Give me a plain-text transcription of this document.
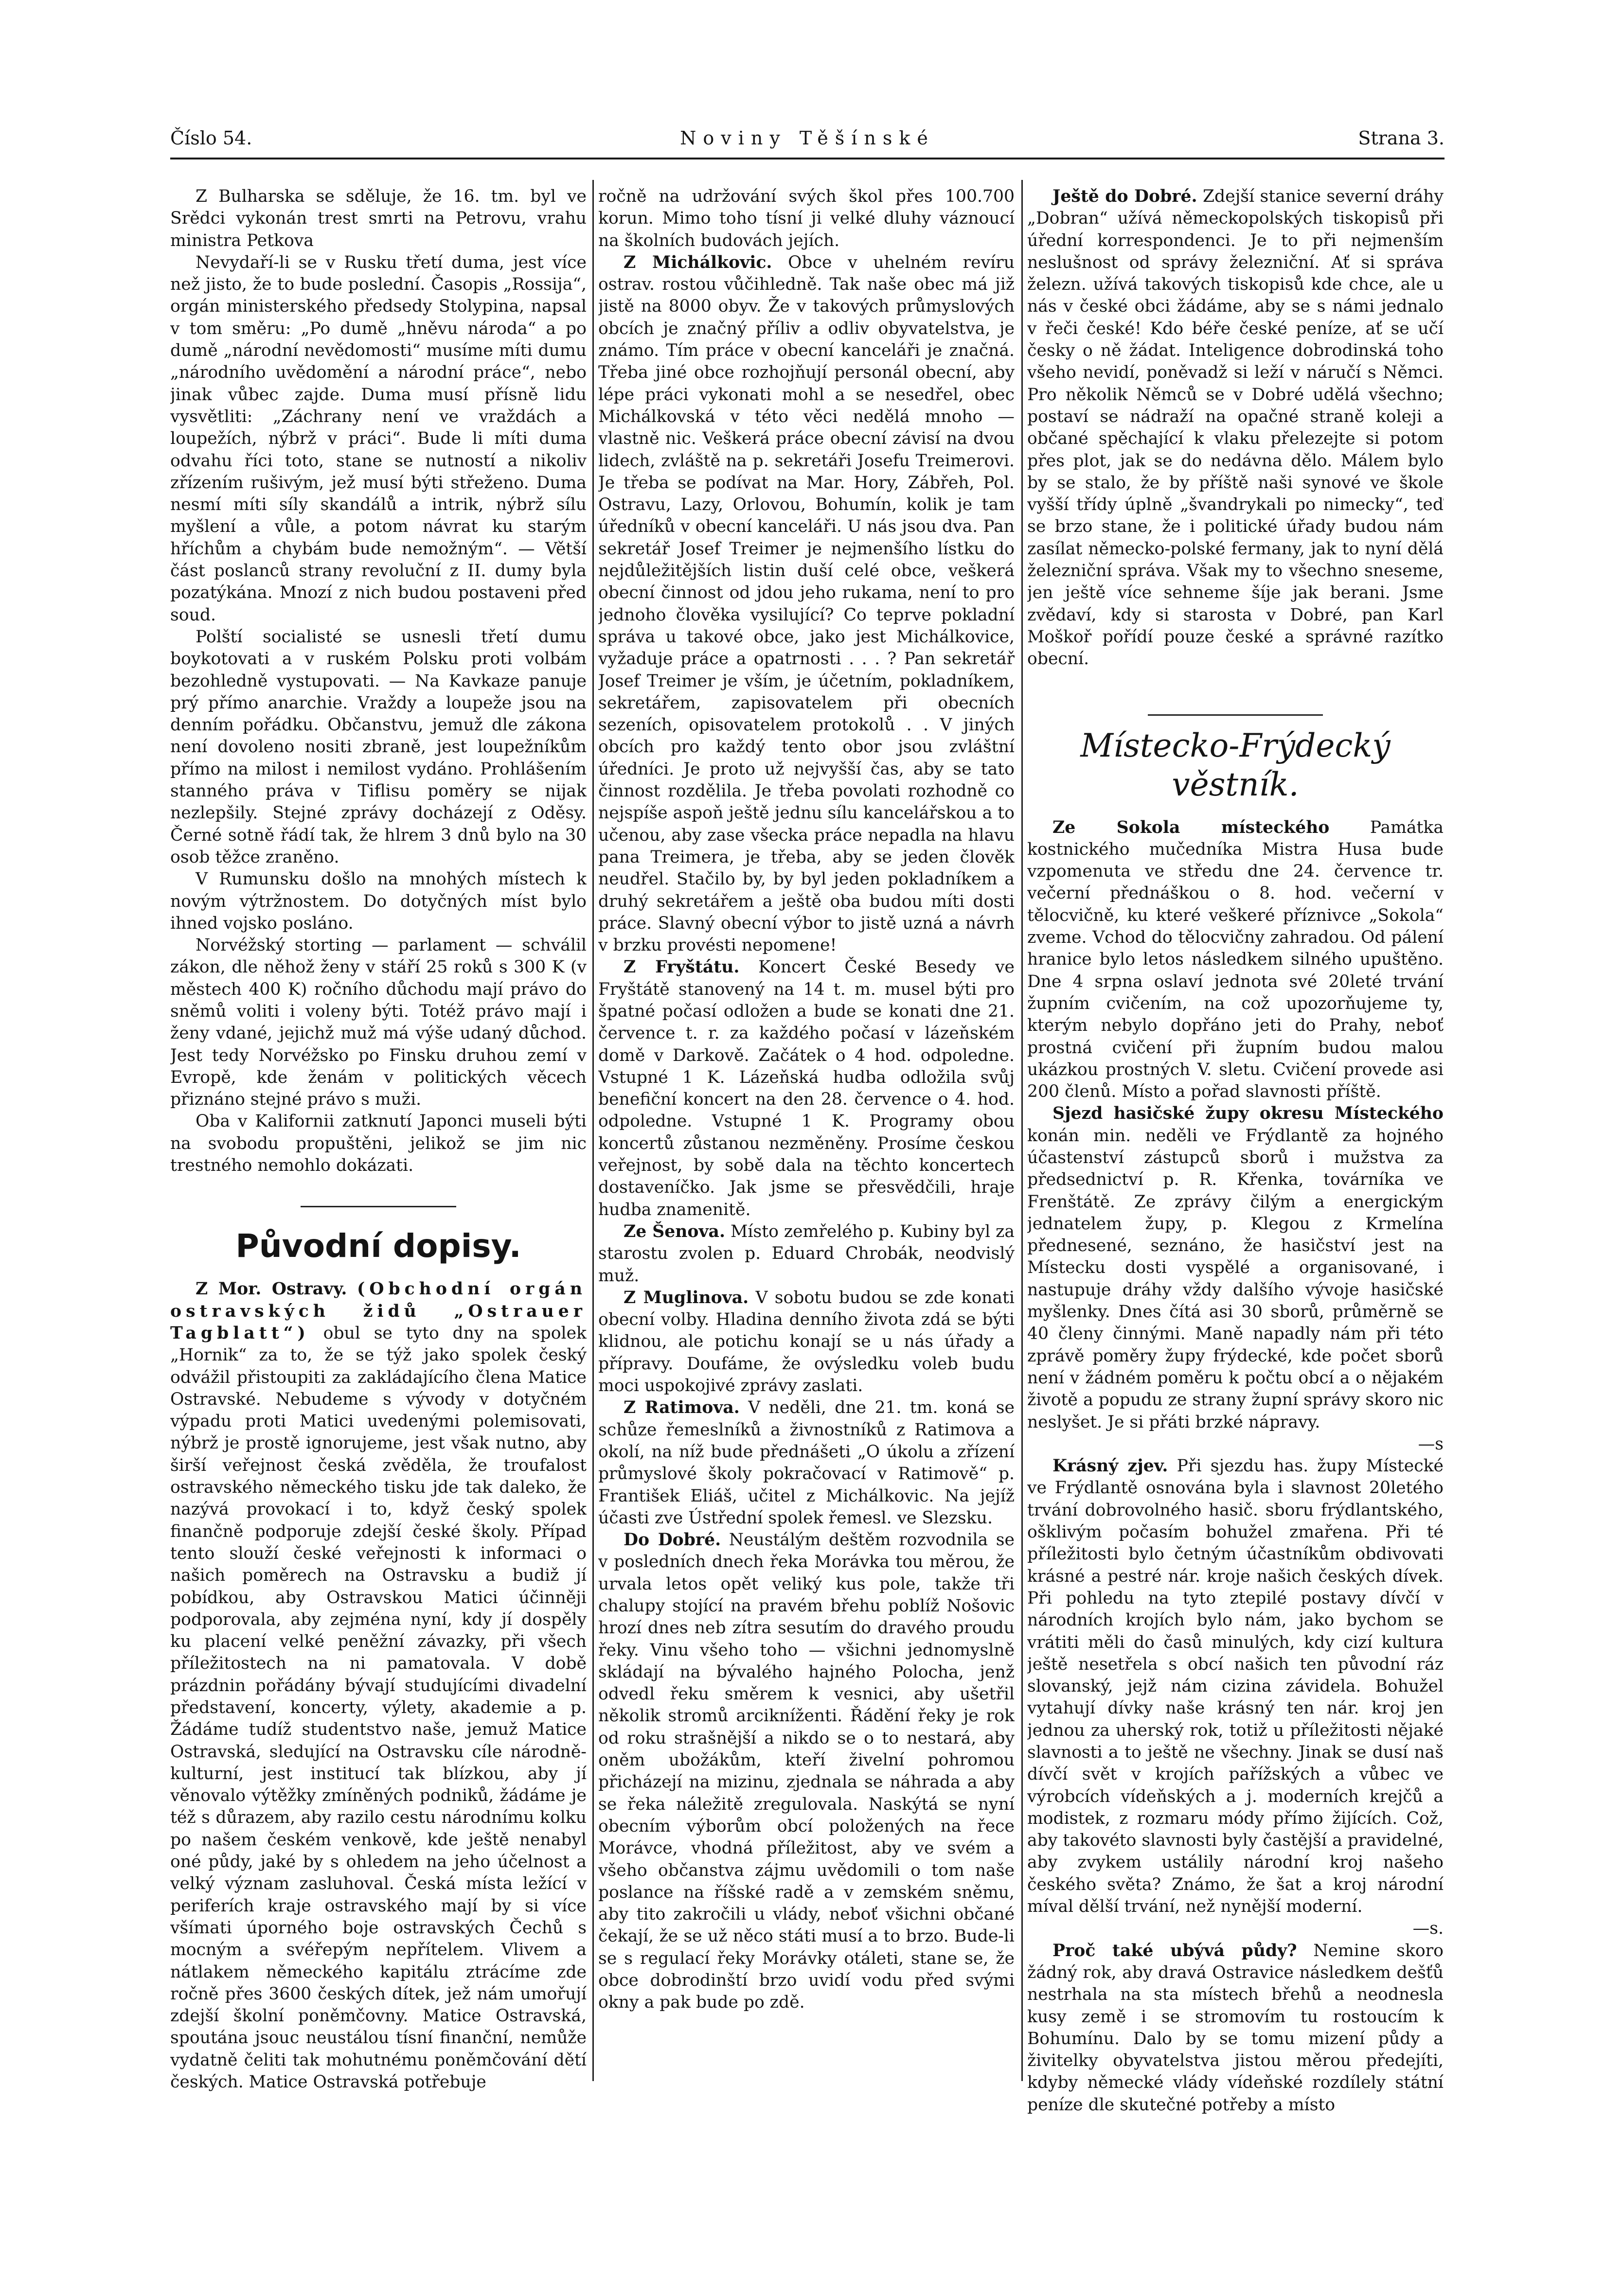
Číslo 54.	Noviny Těšínské	Strana 3.

Z Bulharska se sděluje, že 16. tm. byl ve Srědci vykonán trest smrti na Petrovu, vrahu ministra Petkova

Nevydaří-li se v Rusku třetí duma, jest více než jisto, že to bude poslední. Časopis „Rossija“, orgán ministerského předsedy Stolypina, napsal v tom směru: „Po dumě „hněvu národa“ a po dumě „národní nevědomosti“ musíme míti dumu „národního uvědomění a národní práce“, nebo jinak vůbec zajde. Duma musí přísně lidu vysvětliti: „Záchrany není ve vraždách a loupežích, nýbrž v práci“. Bude li míti duma odvahu říci toto, stane se nutností a nikoliv zřízením rušivým, jež musí býti střeženo. Duma nesmí míti síly skandálů a intrik, nýbrž sílu myšlení a vůle, a potom návrat ku starým hříchům a chybám bude nemožným“. — Větší část poslanců strany revoluční z II. dumy byla pozatýkána. Mnozí z nich budou postaveni před soud.

Polští socialisté se usnesli třetí dumu boykotovati a v ruském Polsku proti volbám bezohledně vystupovati. — Na Kavkaze panuje prý přímo anarchie. Vraždy a loupeže jsou na denním pořádku. Občanstvu, jemuž dle zákona není dovoleno nositi zbraně, jest loupežníkům přímo na milost i nemilost vydáno. Prohlášením stanného práva v Tiflisu poměry se nijak nezlepšily. Stejné zprávy docházejí z Oděsy. Černé sotně řádí tak, že hlrem 3 dnů bylo na 30 osob těžce zraněno.

V Rumunsku došlo na mnohých místech k novým výtržnostem. Do dotyčných míst bylo ihned vojsko posláno.

Norvéžský storting — parlament — schválil zákon, dle něhož ženy v stáří 25 roků s 300 K (v městech 400 K) ročního důchodu mají právo do sněmů voliti i voleny býti. Totéž právo mají i ženy vdané, jejichž muž má výše udaný důchod. Jest tedy Norvéžsko po Finsku druhou zemí v Evropě, kde ženám v politických věcech přiznáno stejné právo s muži.

Oba v Kalifornii zatknutí Japonci museli býti na svobodu propuštěni, jelikož se jim nic trestného nemohlo dokázati.

Původní dopisy.

Z Mor. Ostravy. (Obchodní orgán ostravských židů „Ostrauer Tagblatt“) obul se tyto dny na spolek „Hornik“ za to, že se týž jako spolek český odvážil přistoupiti za zakládajícího člena Matice Ostravské. Nebudeme s vývody v dotyčném výpadu proti Matici uvedenými polemisovati, nýbrž je prostě ignorujeme, jest však nutno, aby širší veřejnost česká zvěděla, že troufalost ostravského německého tisku jde tak daleko, že nazývá provokací i to, když český spolek finančně podporuje zdejší české školy. Případ tento slouží české veřejnosti k informaci o našich poměrech na Ostravsku a budiž jí pobídkou, aby Ostravskou Matici účinněji podporovala, aby zejména nyní, kdy jí dospěly ku placení velké peněžní závazky, při všech příležitostech na ni pamatovala. V době prázdnin pořádány bývají studujícími divadelní představení, koncerty, výlety, akademie a p. Žádáme tudíž studentstvo naše, jemuž Matice Ostravská, sledující na Ostravsku cíle národně-kulturní, jest institucí tak blízkou, aby jí věnovalo výtěžky zmíněných podniků, žádáme je též s důrazem, aby razilo cestu národnímu kolku po našem českém venkově, kde ještě nenabyl oné půdy, jaké by s ohledem na jeho účelnost a velký význam zasluhoval. Česká místa ležící v periferích kraje ostravského mají by si více všímati úporného boje ostravských Čechů s mocným a svéřepým nepřítelem. Vlivem a nátlakem německého kapitálu ztrácíme zde ročně přes 3600 českých dítek, jež nám umořují zdejší školní poněmčovny. Matice Ostravská, spoutána jsouc neustálou tísní finanční, nemůže vydatně čeliti tak mohutnému poněmčování dětí českých. Matice Ostravská potřebuje

ročně na udržování svých škol přes 100.700 korun. Mimo toho tísní ji velké dluhy váznoucí na školních budovách jejích.

Z Michálkovic. Obce v uhelném revíru ostrav. rostou vůčihledně. Tak naše obec má již jistě na 8000 obyv. Že v takových průmyslových obcích je značný příliv a odliv obyvatelstva, je známo. Tím práce v obecní kanceláři je značná. Třeba jiné obce rozhojňují personál obecní, aby lépe práci vykonati mohl a se nesedřel, obec Michálkovská v této věci nedělá mnoho — vlastně nic. Veškerá práce obecní závisí na dvou lidech, zvláště na p. sekretáři Josefu Treimerovi. Je třeba se podívat na Mar. Hory, Zábřeh, Pol. Ostravu, Lazy, Orlovou, Bohumín, kolik je tam úředníků v obecní kanceláři. U nás jsou dva. Pan sekretář Josef Treimer je nejmenšího lístku do nejdůležitějších listin duší celé obce, veškerá obecní činnost od jdou jeho rukama, není to pro jednoho člověka vysilující? Co teprve pokladní správa u takové obce, jako jest Michálkovice, vyžaduje práce a opatrnosti . . . ? Pan sekretář Josef Treimer je vším, je účetním, pokladníkem, sekretářem, zapisovatelem při obecních sezeních, opisovatelem protokolů . . V jiných obcích pro každý tento obor jsou zvláštní úředníci. Je proto už nejvyšší čas, aby se tato činnost rozdělila. Je třeba povolati rozhodně co nejspíše aspoň ještě jednu sílu kancelářskou a to učenou, aby zase všecka práce nepadla na hlavu pana Treimera, je třeba, aby se jeden člověk neudřel. Stačilo by, by byl jeden pokladníkem a druhý sekretářem a ještě oba budou míti dosti práce. Slavný obecní výbor to jistě uzná a návrh v brzku provésti nepomene!

Z Fryštátu. Koncert České Besedy ve Fryštátě stanovený na 14 t. m. musel býti pro špatné počasí odložen a bude se konati dne 21. července t. r. za každého počasí v lázeňském domě v Darkově. Začátek o 4 hod. odpoledne. Vstupné 1 K. Lázeňská hudba odložila svůj benefiční koncert na den 28. července o 4. hod. odpoledne. Vstupné 1 K. Programy obou koncertů zůstanou nezměněny. Prosíme českou veřejnost, by sobě dala na těchto koncertech dostaveníčko. Jak jsme se přesvědčili, hraje hudba znamenitě.

Ze Šenova. Místo zemřelého p. Kubiny byl za starostu zvolen p. Eduard Chrobák, neodvislý muž.

Z Muglinova. V sobotu budou se zde konati obecní volby. Hladina denního života zdá se býti klidnou, ale potichu konají se u nás úřady a přípravy. Doufáme, že ovýsledku voleb budu moci uspokojivé zprávy zaslati.

Z Ratimova. V neděli, dne 21. tm. koná se schůze řemeslníků a živnostníků z Ratimova a okolí, na níž bude přednášeti „O úkolu a zřízení průmyslové školy pokračovací v Ratimově“ p. František Eliáš, učitel z Michálkovic. Na jejíž účasti zve Ústřední spolek řemesl. ve Slezsku.

Do Dobré. Neustálým deštěm rozvodnila se v posledních dnech řeka Morávka tou měrou, že urvala letos opět veliký kus pole, takže tři chalupy stojící na pravém břehu poblíž Nošovic hrozí dnes neb zítra sesutím do dravého proudu řeky. Vinu všeho toho — všichni jednomyslně skládají na bývalého hajného Polocha, jenž odvedl řeku směrem k vesnici, aby ušetřil několik stromů arcikníženti. Řádění řeky je rok od roku strašnější a nikdo se o to nestará, aby oněm ubožákům, kteří živelní pohromou přicházejí na mizinu, zjednala se náhrada a aby se řeka náležitě zregulovala. Naskýtá se nyní obecním výborům obcí položených na řece Morávce, vhodná příležitost, aby ve svém a všeho občanstva zájmu uvědomili o tom naše poslance na říšské radě a v zemském sněmu, aby tito zakročili u vlády, neboť všichni občané čekají, že se už něco státi musí a to brzo. Bude-li se s regulací řeky Morávky otáleti, stane se, že obce dobrodinští brzo uvidí vodu před svými okny a pak bude po zdě.

Ještě do Dobré. Zdejší stanice severní dráhy „Dobran“ užívá německopolských tiskopisů při úřední korrespondenci. Je to při nejmenším neslušnost od správy železniční. Ať si správa železn. užívá takových tiskopisů kde chce, ale u nás v české obci žádáme, aby se s námi jednalo v řeči české! Kdo béře české peníze, ať se učí česky o ně žádat. Inteligence dobrodinská toho všeho nevidí, poněvadž si leží v náručí s Němci. Pro několik Němců se v Dobré udělá všechno; postaví se nádraží na opačné straně koleji a občané spěchající k vlaku přelezejte si potom přes plot, jak se do nedávna dělo. Málem bylo by se stalo, že by příště naši synové ve škole vyšší třídy úplně „švandrykali po nimecky“, teď se brzo stane, že i politické úřady budou nám zasílat německo-polské fermany, jak to nyní dělá železniční správa. Však my to všechno sneseme, jen ještě více sehneme šíje jak berani. Jsme zvědaví, kdy si starosta v Dobré, pan Karl Moškoř pořídí pouze české a správné razítko obecní.

Místecko-Frýdecký věstník.

Ze Sokola místeckého Památka kostnického mučedníka Mistra Husa bude vzpomenuta ve středu dne 24. července tr. večerní přednáškou o 8. hod. večerní v tělocvičně, ku které veškeré příznivce „Sokola“ zveme. Vchod do tělocvičny zahradou. Od pálení hranice bylo letos následkem silného upuštěno. Dne 4 srpna oslaví jednota své 20leté trvání župním cvičením, na což upozorňujeme ty, kterým nebylo dopřáno jeti do Prahy, neboť prostná cvičení při župním budou malou ukázkou prostných V. sletu. Cvičení provede asi 200 členů. Místo a pořad slavnosti příště.

Sjezd hasičské župy okresu Místeckého konán min. neděli ve Frýdlantě za hojného účastenství zástupců sborů i mužstva za předsednictví p. R. Křenka, továrníka ve Frenštátě. Ze zprávy čilým a energickým jednatelem župy, p. Klegou z Krmelína přednesené, seznáno, že hasičství jest na Místecku dosti vyspělé a organisované, i nastupuje dráhy vždy dalšího vývoje hasičské myšlenky. Dnes čítá asi 30 sborů, průměrně se 40 členy činnými. Maně napadly nám při této zprávě poměry župy frýdecké, kde počet sborů není v žádném poměru k počtu obcí a o nějakém životě a popudu ze strany župní správy skoro nic neslyšet. Je si přáti brzké nápravy.

—s

Krásný zjev. Při sjezdu has. župy Místecké ve Frýdlantě osnována byla i slavnost 20letého trvání dobrovolného hasič. sboru frýdlantského, ošklivým počasím bohužel zmařena. Při té příležitosti bylo četným účastníkům obdivovati krásné a pestré nár. kroje našich českých dívek. Při pohledu na tyto ztepilé postavy dívčí v národních krojích bylo nám, jako bychom se vrátiti měli do časů minulých, kdy cizí kultura ještě nesetřela s obcí našich ten původní ráz slovanský, jejž nám cizina závidela. Bohužel vytahují dívky naše krásný ten nár. kroj jen jednou za uherský rok, totiž u příležitosti nějaké slavnosti a to ještě ne všechny. Jinak se dusí naš dívčí svět v krojích pařížských a vůbec ve výrobcích vídeňských a j. moderních krejčů a modistek, z rozmaru módy přímo žijících. Což, aby takovéto slavnosti byly častější a pravidelné, aby zvykem ustálily národní kroj našeho českého světa? Známo, že šat a kroj národní míval dělší trvání, než nynější moderní.

—s.

Proč také ubývá půdy? Nemine skoro žádný rok, aby dravá Ostravice následkem dešťů nestrhala na sta místech břehů a neodnesla kusy země i se stromovím tu rostoucím k Bohumínu. Dalo by se tomu mizení půdy a živitelky obyvatelstva jistou měrou předejíti, kdyby německé vlády vídeňské rozdílely státní peníze dle skutečné potřeby a místo
